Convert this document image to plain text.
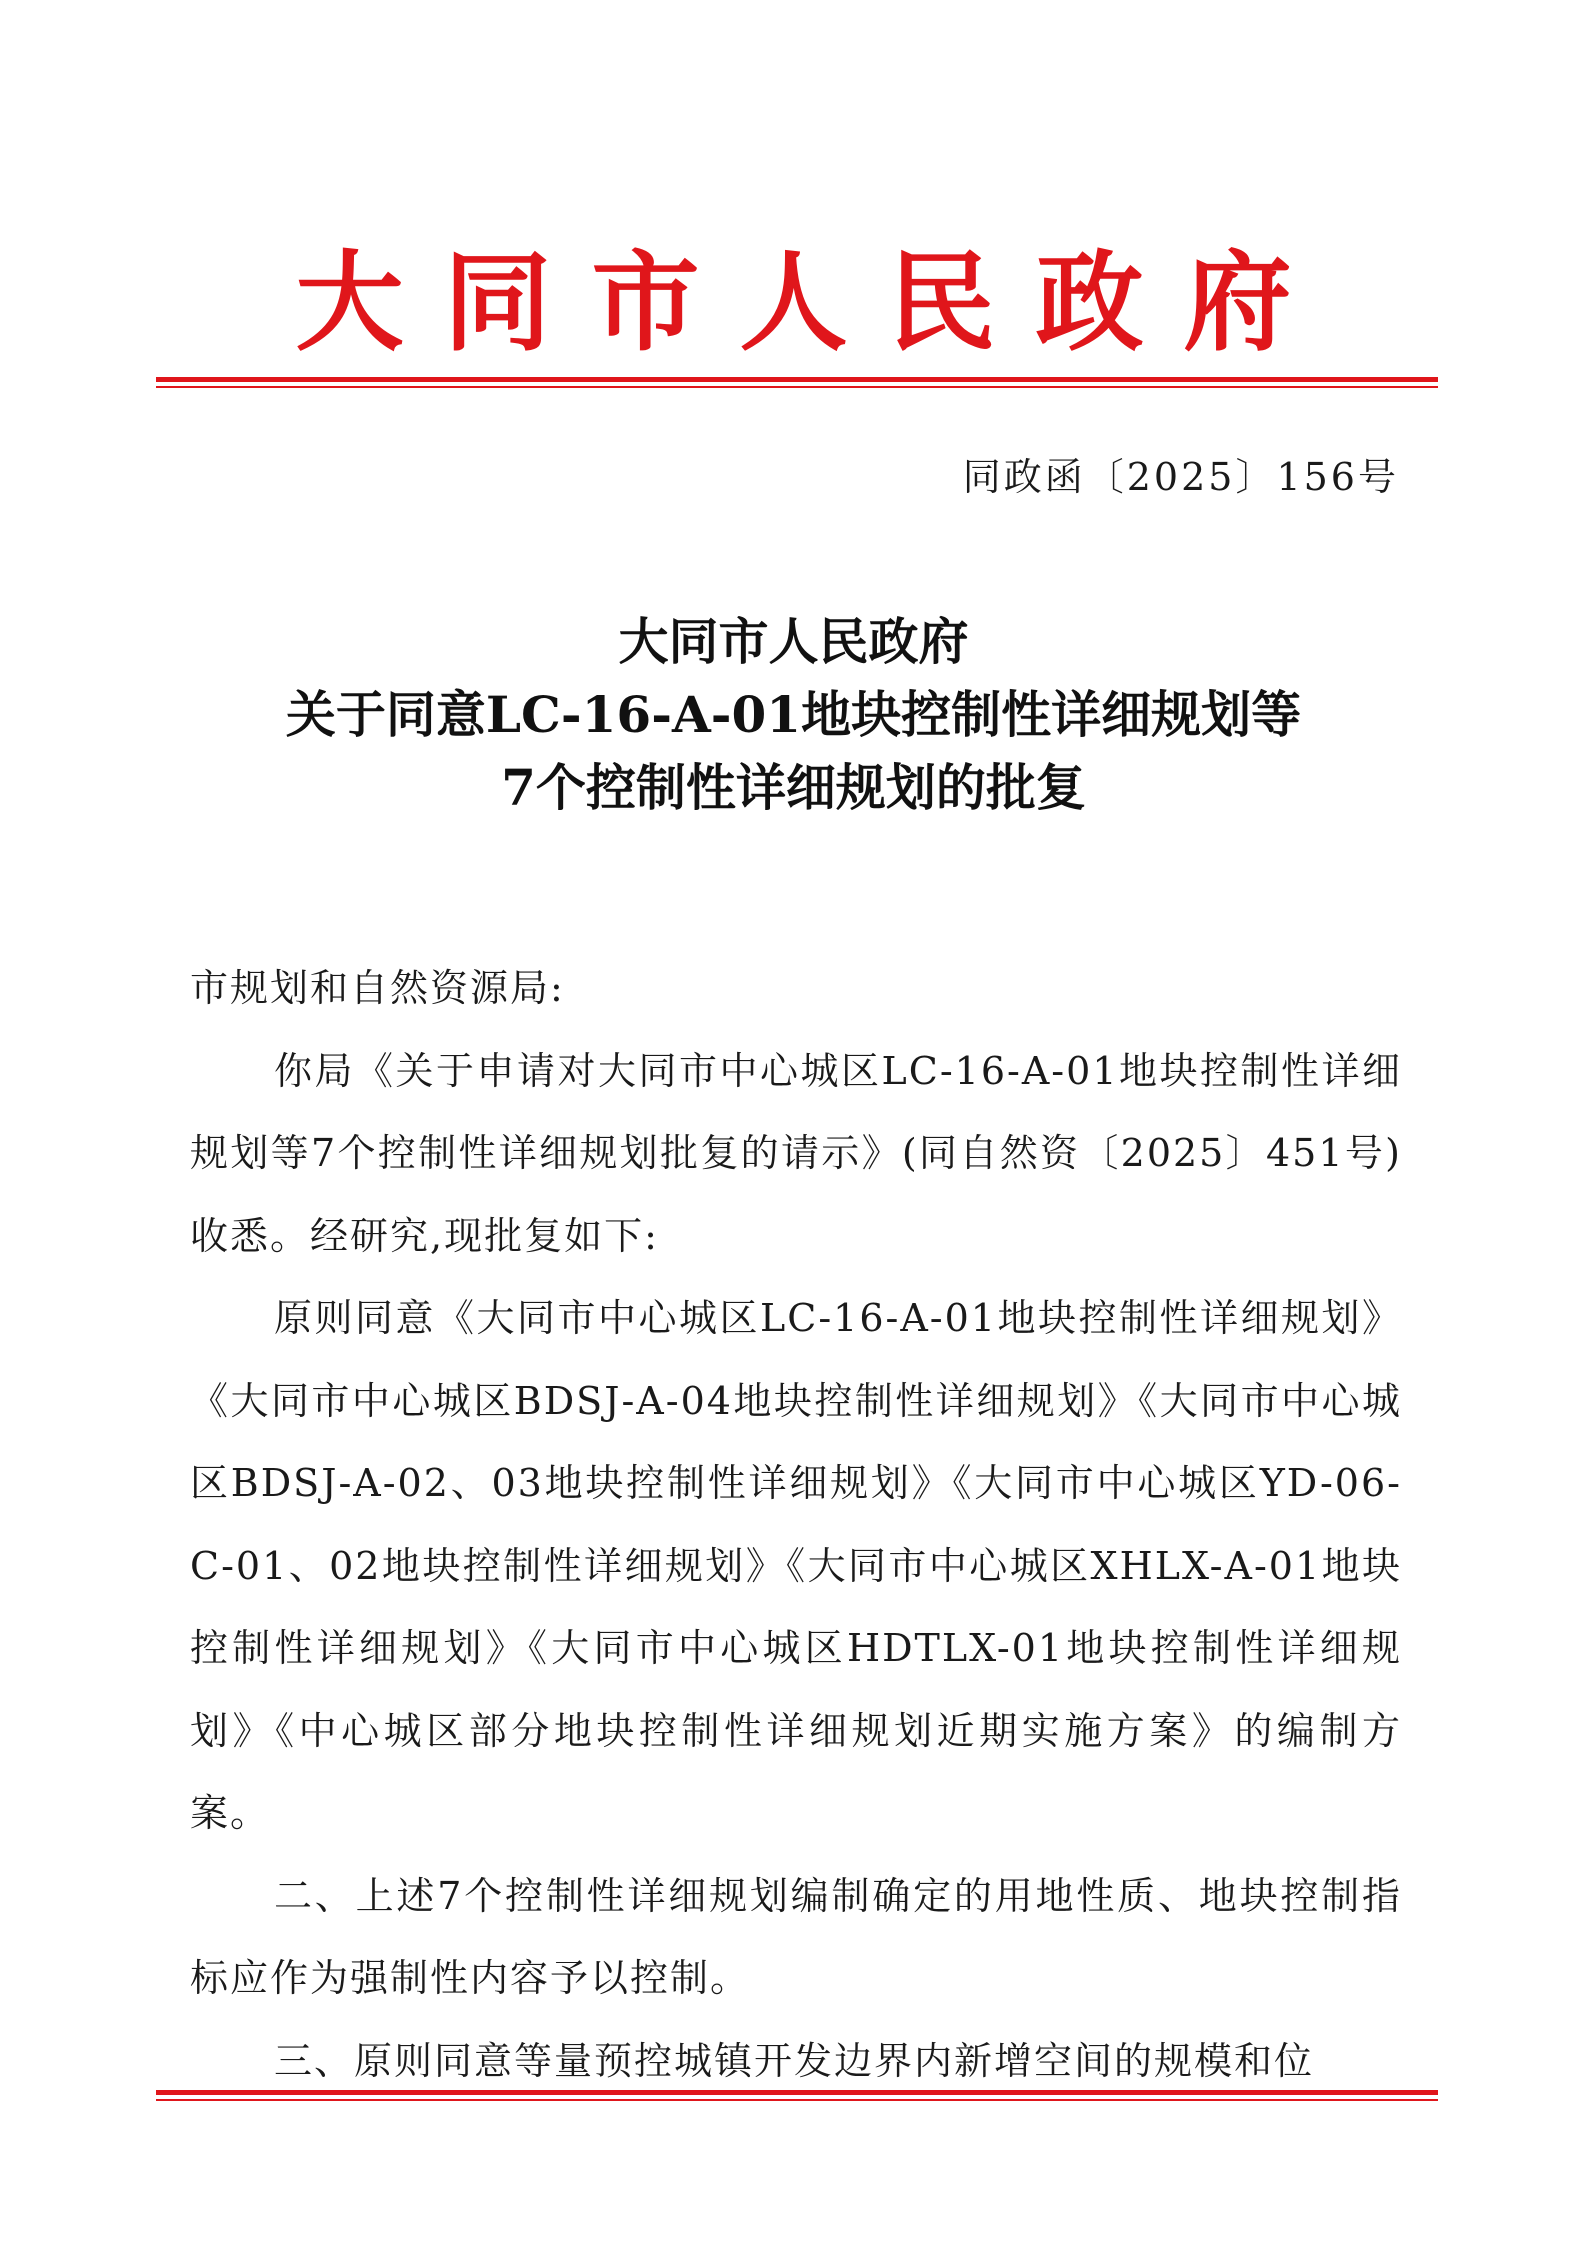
大同市人民政府
同政函〔2025〕156号
大同市人民政府
关于同意LC-16-A-01地块控制性详细规划等
7个控制性详细规划的批复

市规划和自然资源局:

你局《关于申请对大同市中心城区LC-16-A-01地块控制性详细规划等7个控制性详细规划批复的请示》(同自然资〔2025〕451号)收悉。经研究,现批复如下:

原则同意《大同市中心城区LC-16-A-01地块控制性详细规划》《大同市中心城区BDSJ-A-04地块控制性详细规划》《大同市中心城区BDSJ-A-02、03地块控制性详细规划》《大同市中心城区YD-06-C-01、02地块控制性详细规划》《大同市中心城区XHLX-A-01地块控制性详细规划》《大同市中心城区HDTLX-01地块控制性详细规划》《中心城区部分地块控制性详细规划近期实施方案》的编制方案。

二、上述7个控制性详细规划编制确定的用地性质、地块控制指标应作为强制性内容予以控制。

三、原则同意等量预控城镇开发边界内新增空间的规模和位
